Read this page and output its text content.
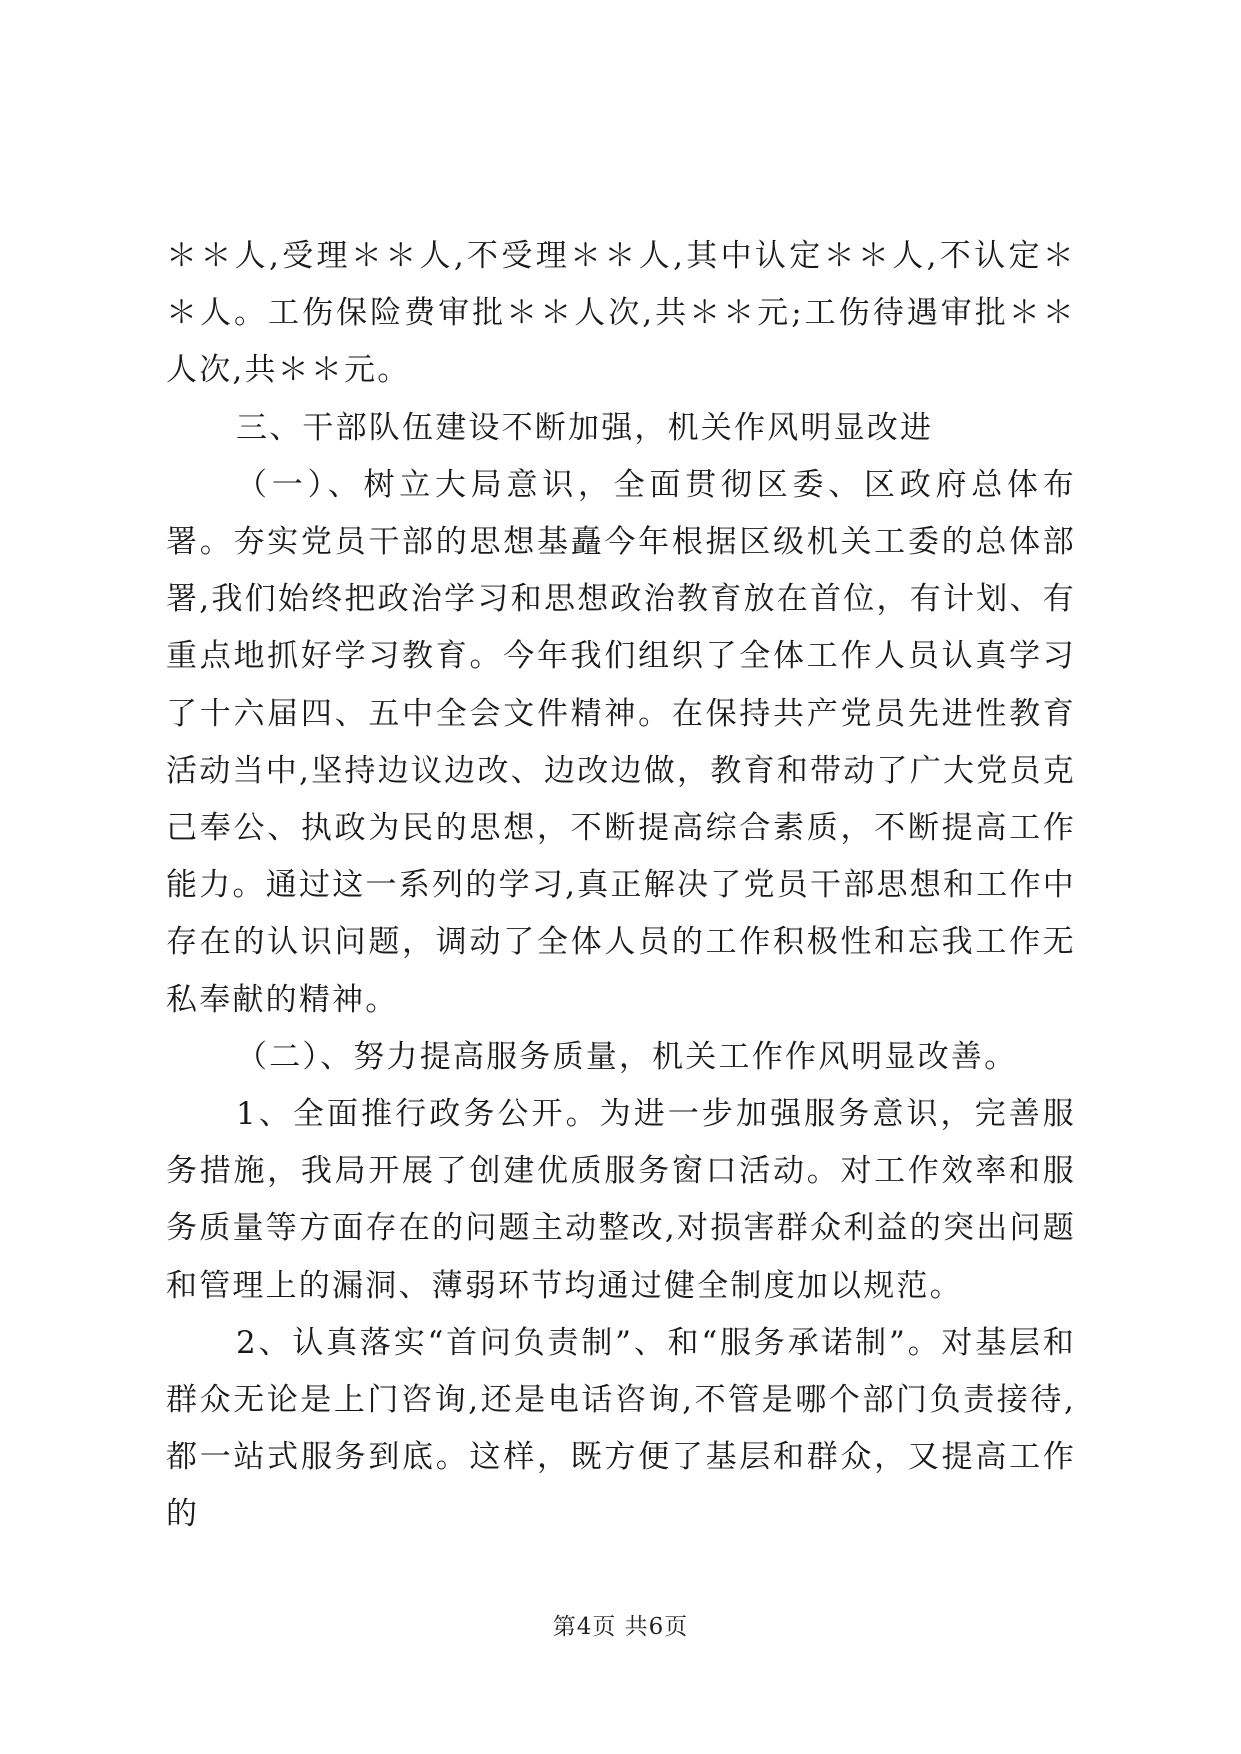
＊＊人,受理＊＊人,不受理＊＊人,其中认定＊＊人,不认定＊＊人。工伤保险费审批＊＊人次,共＊＊元;工伤待遇审批＊＊人次,共＊＊元。

三、干部队伍建设不断加强，机关作风明显改进

（一）、树立大局意识，全面贯彻区委、区政府总体布署。夯实党员干部的思想基矗今年根据区级机关工委的总体部署,我们始终把政治学习和思想政治教育放在首位，有计划、有重点地抓好学习教育。今年我们组织了全体工作人员认真学习了十六届四、五中全会文件精神。在保持共产党员先进性教育活动当中,坚持边议边改、边改边做，教育和带动了广大党员克己奉公、执政为民的思想，不断提高综合素质，不断提高工作能力。通过这一系列的学习,真正解决了党员干部思想和工作中存在的认识问题，调动了全体人员的工作积极性和忘我工作无私奉献的精神。

（二）、努力提高服务质量，机关工作作风明显改善。

1、全面推行政务公开。为进一步加强服务意识，完善服务措施，我局开展了创建优质服务窗口活动。对工作效率和服务质量等方面存在的问题主动整改,对损害群众利益的突出问题和管理上的漏洞、薄弱环节均通过健全制度加以规范。

2、认真落实“首问负责制”、和“服务承诺制”。对基层和群众无论是上门咨询,还是电话咨询,不管是哪个部门负责接待,都一站式服务到底。这样，既方便了基层和群众，又提高工作的

第4页 共6页
